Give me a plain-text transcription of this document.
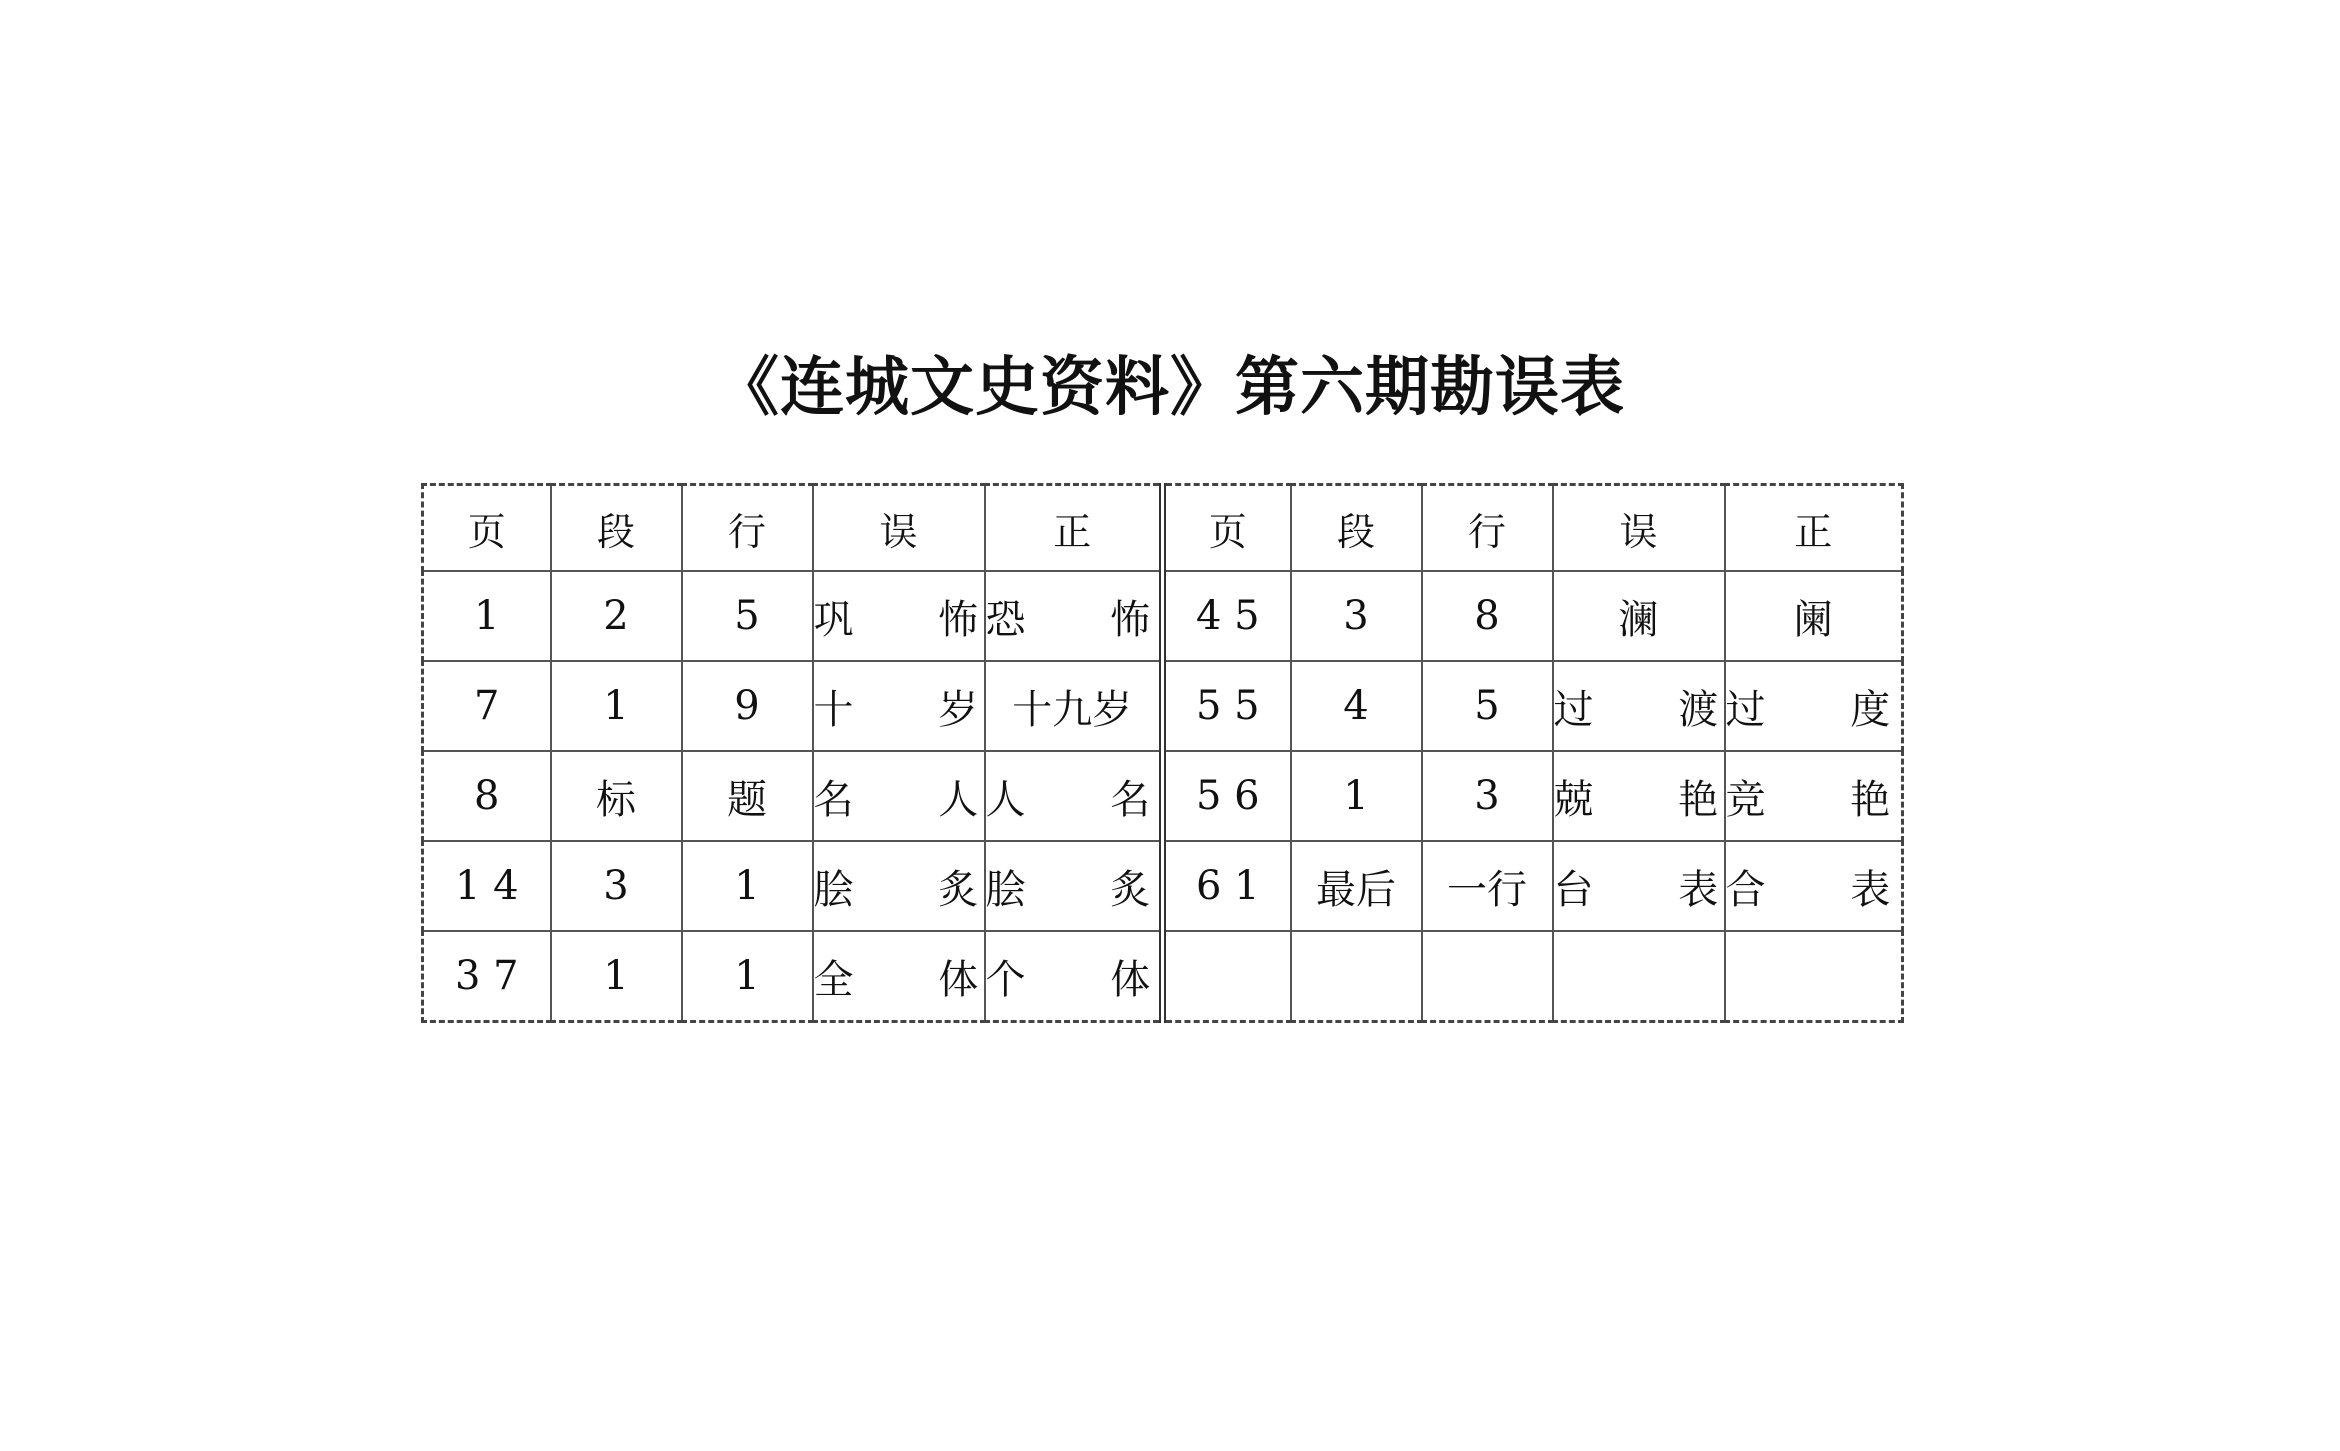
《连城文史资料》第六期勘误表
页	段	行	误	正	页	段	行	误	正
1	2	5	巩 怖	恐 怖	4 5	3	8	澜	阑
7	1	9	十 岁	十九岁	5 5	4	5	过 渡	过 度
8	标	题	名 人	人 名	5 6	1	3	兢 艳	竞 艳
1 4	3	1	脍 炙	脍 炙	6 1	最后	一行	台 表	合 表
3 7	1	1	全 体	个 体					
